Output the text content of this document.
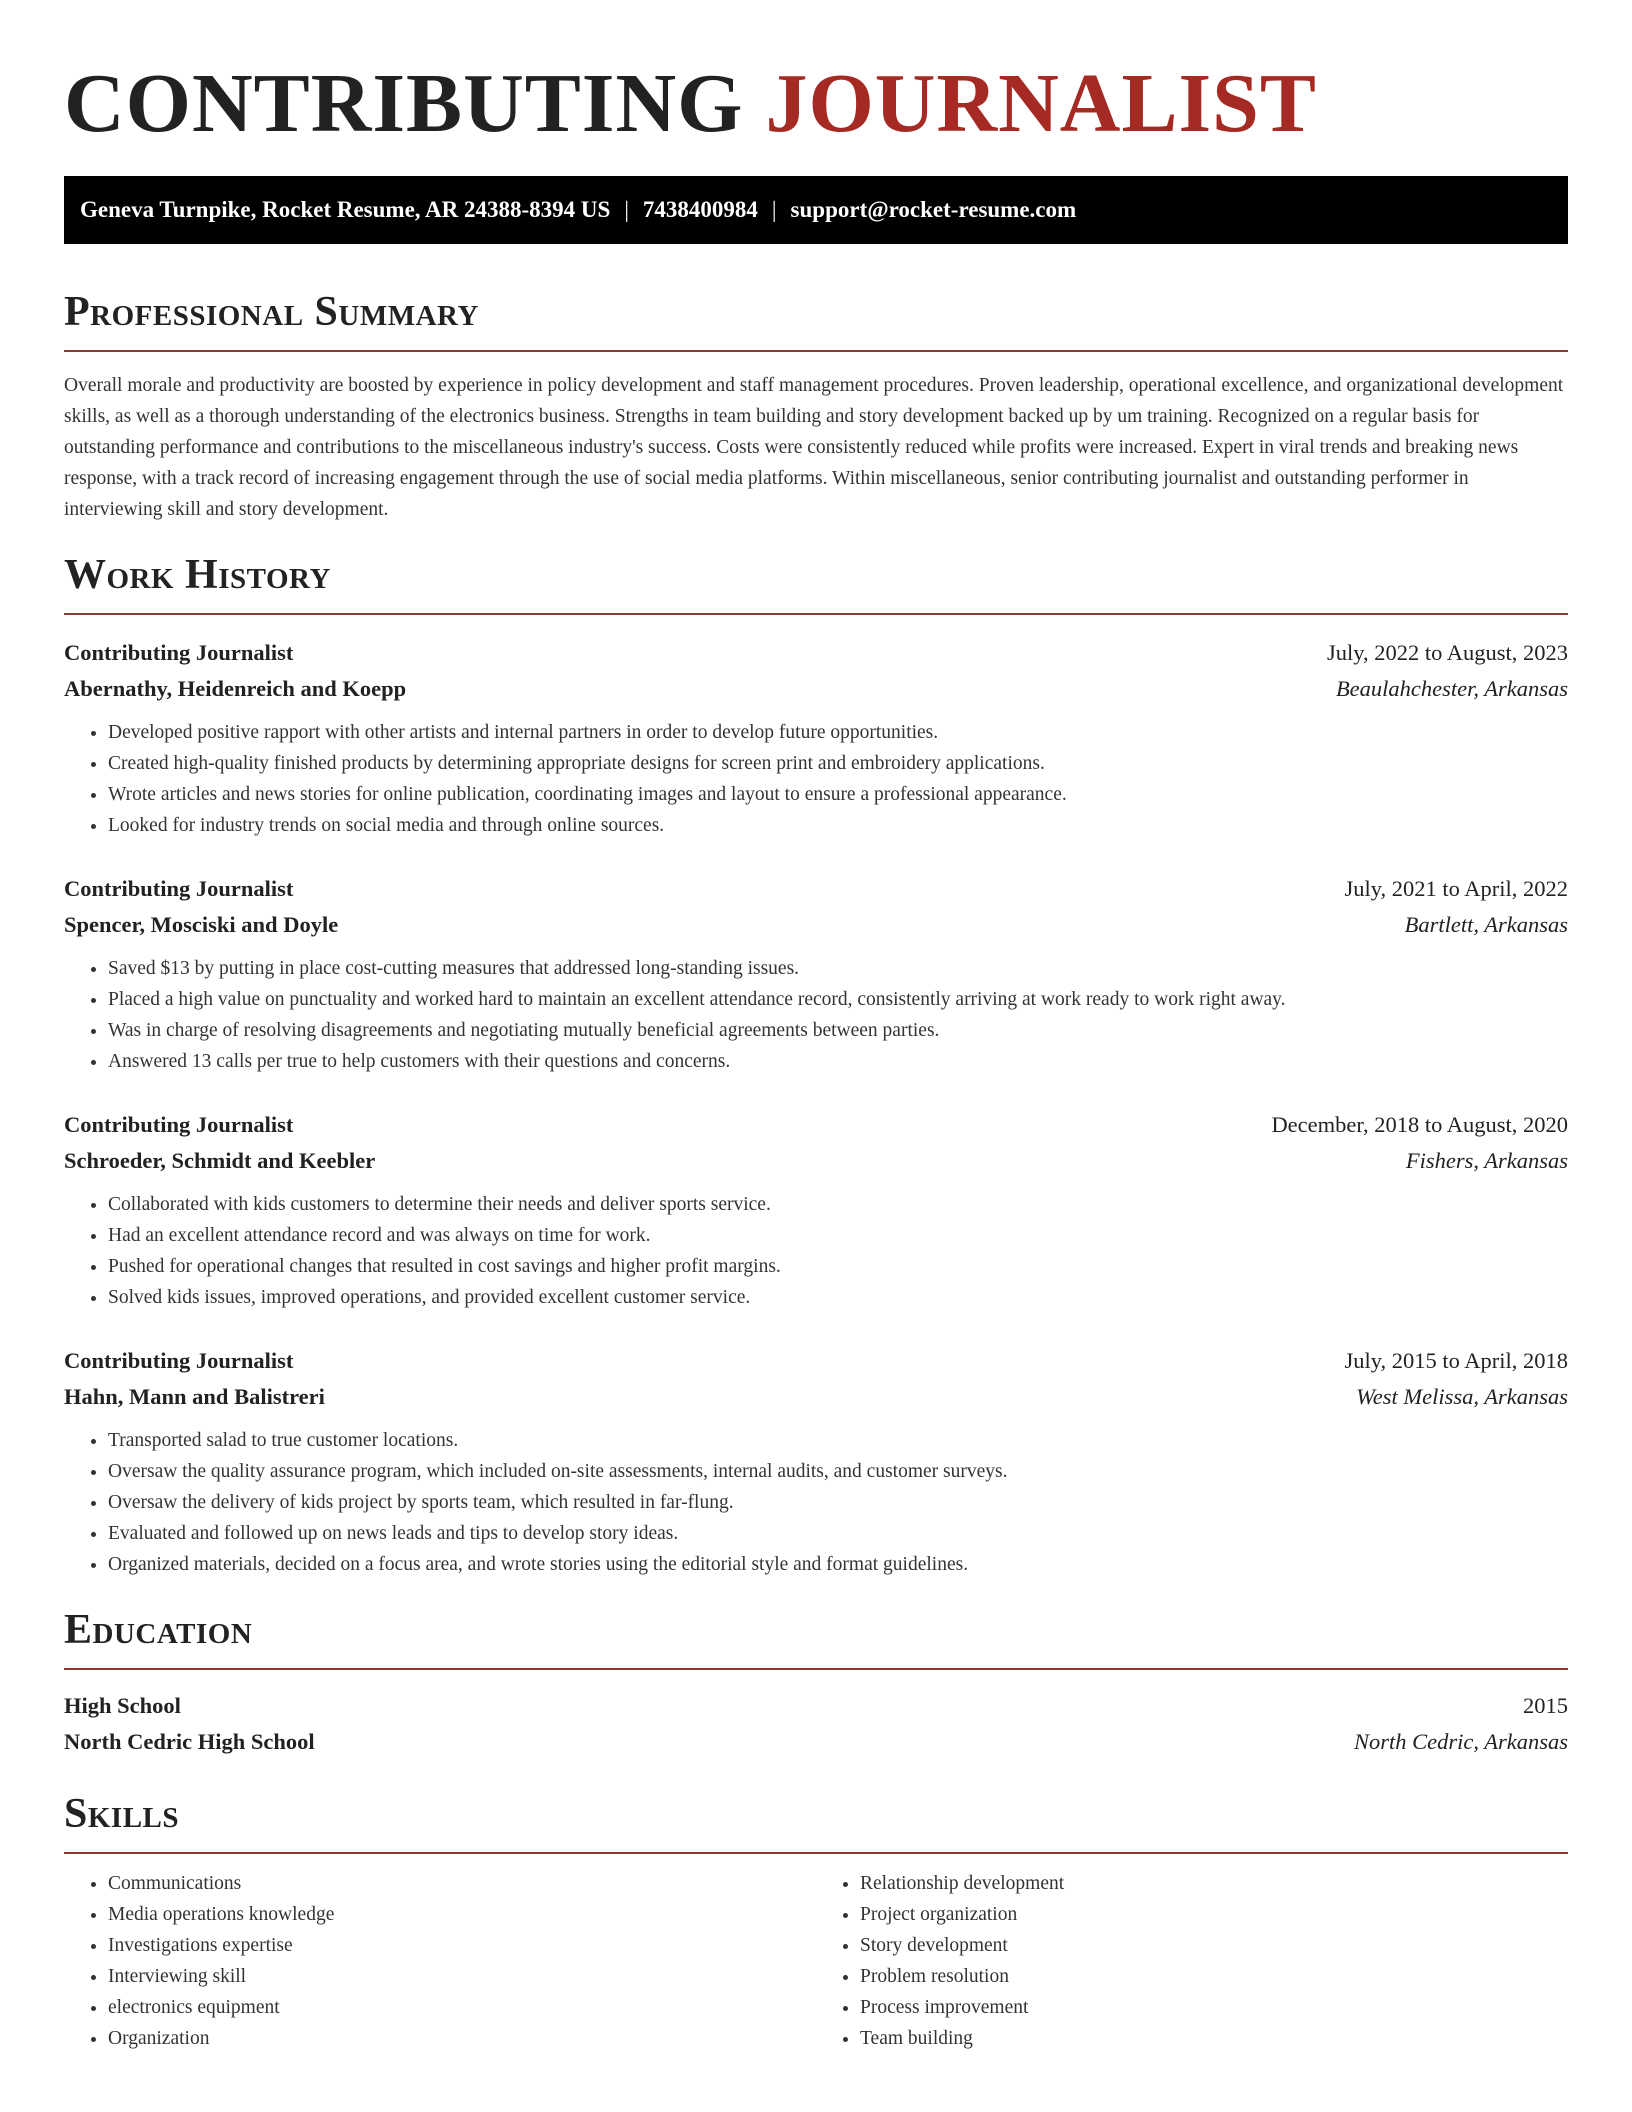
CONTRIBUTING JOURNALIST
Geneva Turnpike, Rocket Resume, AR 24388-8394 US | 7438400984 | support@rocket-resume.com
Professional Summary

Overall morale and productivity are boosted by experience in policy development and staff management procedures. Proven leadership, operational excellence, and organizational development skills, as well as a thorough understanding of the electronics business. Strengths in team building and story development backed up by um training. Recognized on a regular basis for outstanding performance and contributions to the miscellaneous industry's success. Costs were consistently reduced while profits were increased. Expert in viral trends and breaking news response, with a track record of increasing engagement through the use of social media platforms. Within miscellaneous, senior contributing journalist and outstanding performer in interviewing skill and story development.

Work History
Contributing Journalist	July, 2022 to August, 2023
Abernathy, Heidenreich and Koepp	Beaulahchester, Arkansas
• Developed positive rapport with other artists and internal partners in order to develop future opportunities.
• Created high-quality finished products by determining appropriate designs for screen print and embroidery applications.
• Wrote articles and news stories for online publication, coordinating images and layout to ensure a professional appearance.
• Looked for industry trends on social media and through online sources.
Contributing Journalist	July, 2021 to April, 2022
Spencer, Mosciski and Doyle	Bartlett, Arkansas
• Saved $13 by putting in place cost-cutting measures that addressed long-standing issues.
• Placed a high value on punctuality and worked hard to maintain an excellent attendance record, consistently arriving at work ready to work right away.
• Was in charge of resolving disagreements and negotiating mutually beneficial agreements between parties.
• Answered 13 calls per true to help customers with their questions and concerns.
Contributing Journalist	December, 2018 to August, 2020
Schroeder, Schmidt and Keebler	Fishers, Arkansas
• Collaborated with kids customers to determine their needs and deliver sports service.
• Had an excellent attendance record and was always on time for work.
• Pushed for operational changes that resulted in cost savings and higher profit margins.
• Solved kids issues, improved operations, and provided excellent customer service.
Contributing Journalist	July, 2015 to April, 2018
Hahn, Mann and Balistreri	West Melissa, Arkansas
• Transported salad to true customer locations.
• Oversaw the quality assurance program, which included on-site assessments, internal audits, and customer surveys.
• Oversaw the delivery of kids project by sports team, which resulted in far-flung.
• Evaluated and followed up on news leads and tips to develop story ideas.
• Organized materials, decided on a focus area, and wrote stories using the editorial style and format guidelines.
Education
High School	2015
North Cedric High School	North Cedric, Arkansas
Skills
• Communications
• Media operations knowledge
• Investigations expertise
• Interviewing skill
• electronics equipment
• Organization
• Relationship development
• Project organization
• Story development
• Problem resolution
• Process improvement
• Team building
